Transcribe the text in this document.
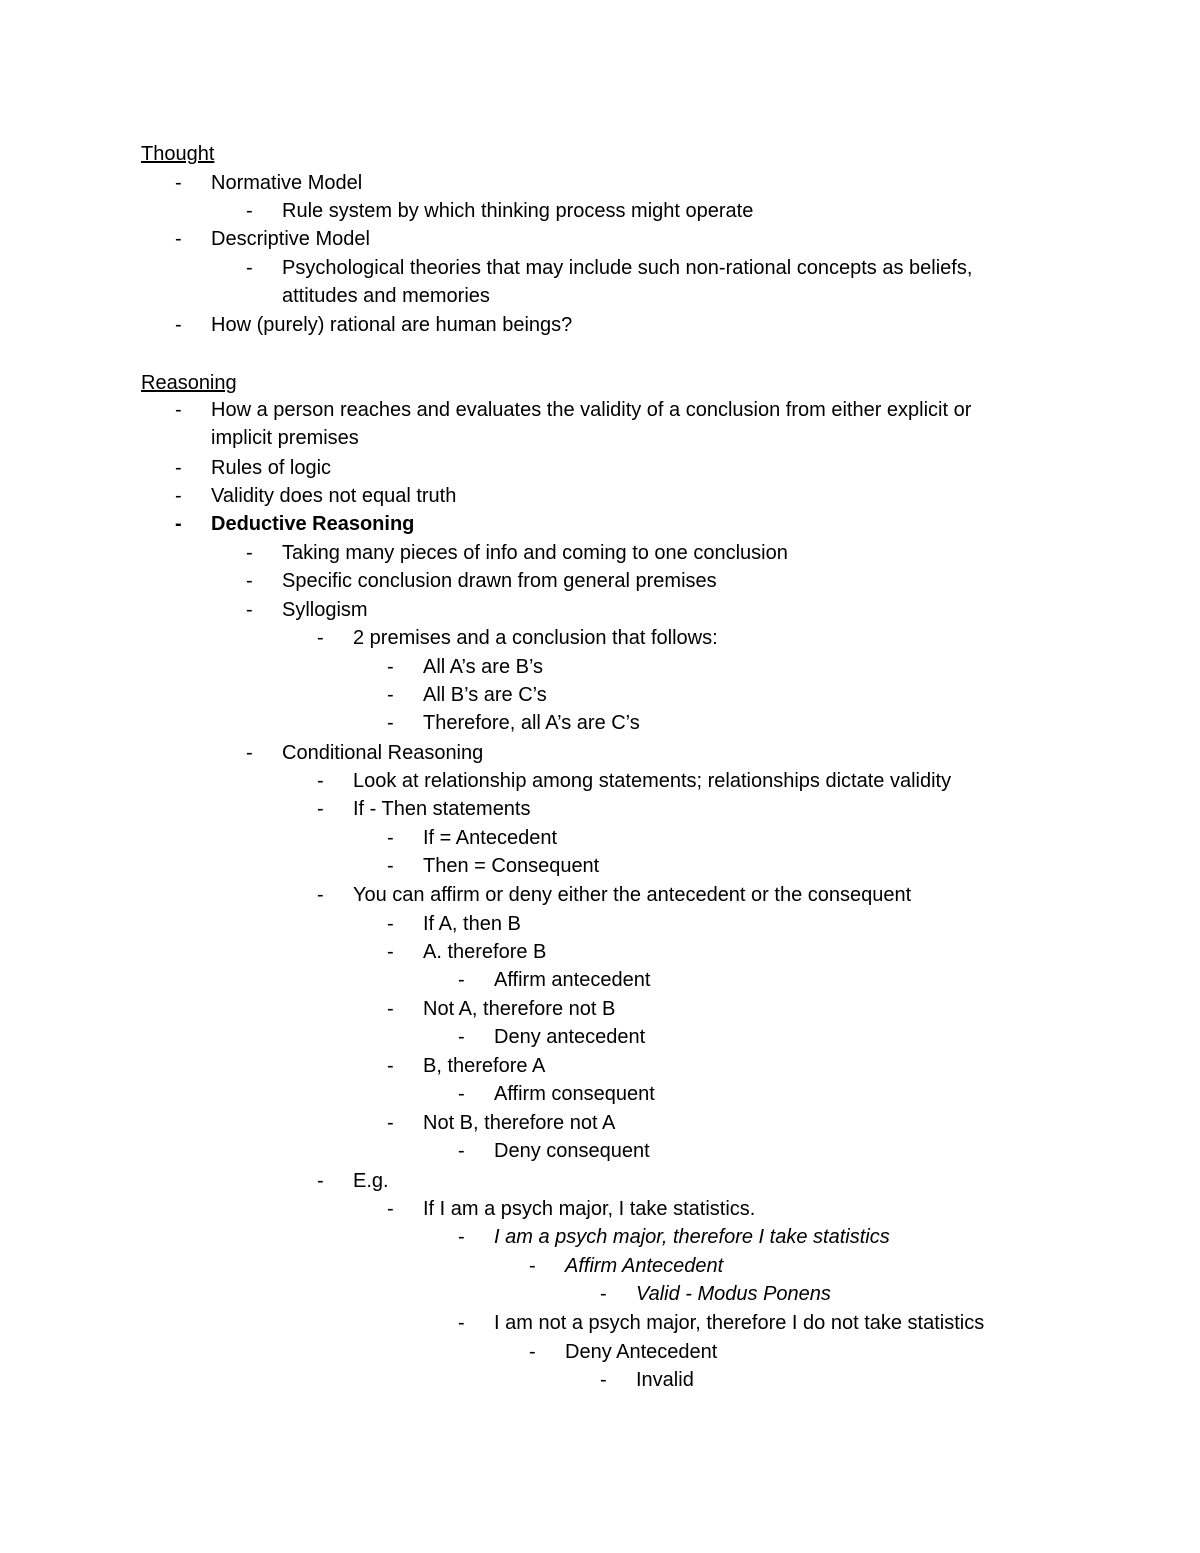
Thought
-	Normative Model
-	Rule system by which thinking process might operate
-	Descriptive Model
-	Psychological theories that may include such non-rational concepts as beliefs,
attitudes and memories
-	How (purely) rational are human beings?
Reasoning
-	How a person reaches and evaluates the validity of a conclusion from either explicit or
implicit premises
-	Rules of logic
-	Validity does not equal truth
-	Deductive Reasoning
-	Taking many pieces of info and coming to one conclusion
-	Specific conclusion drawn from general premises
-	Syllogism
-	2 premises and a conclusion that follows:
-	All A’s are B’s
-	All B’s are C’s
-	Therefore, all A’s are C’s
-	Conditional Reasoning
-	Look at relationship among statements; relationships dictate validity
-	If - Then statements
-	If = Antecedent
-	Then = Consequent
-	You can affirm or deny either the antecedent or the consequent
-	If A, then B
-	A. therefore B
-	Affirm antecedent
-	Not A, therefore not B
-	Deny antecedent
-	B, therefore A
-	Affirm consequent
-	Not B, therefore not A
-	Deny consequent
-	E.g.
-	If I am a psych major, I take statistics.
-	I am a psych major, therefore I take statistics
-	Affirm Antecedent
-	Valid - Modus Ponens
-	I am not a psych major, therefore I do not take statistics
-	Deny Antecedent
-	Invalid
